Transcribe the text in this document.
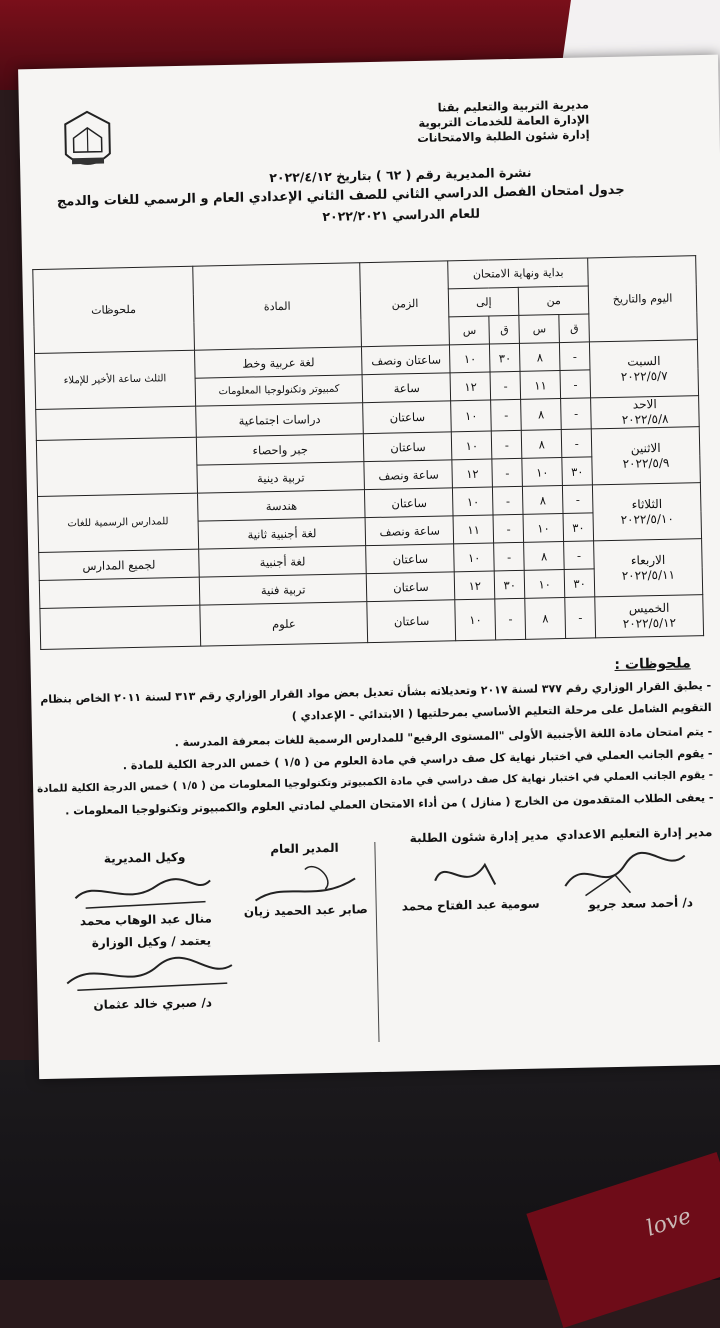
love
مديرية التربية والتعليم بقنا
الإدارة العامة للخدمات التربوية
إدارة شئون الطلبة والامتحانات
نشرة المديرية رقم ( ٦٢ ) بتاريخ ٢٠٢٢/٤/١٢
جدول امتحان الفصل الدراسي الثاني للصف الثاني الإعدادي العام و الرسمي للغات والدمج
للعام الدراسي ٢٠٢٢/٢٠٢١
اليوم والتاريخ	بداية ونهاية الامتحان				الزمن	المادة	ملحوظات
	من		إلى				
	ق	س	ق	س			

السبت
٢٠٢٢/٥/٧	-	٨	٣٠	١٠	ساعتان ونصف	لغة عربية وخط	الثلث ساعة الأخير للإملاء
	-	١١	-	١٢	ساعة	كمبيوتر وتكنولوجيا المعلومات	

الاحد
٢٠٢٢/٥/٨	-	٨	-	١٠	ساعتان	دراسات اجتماعية	

الاثنين
٢٠٢٢/٥/٩	-	٨	-	١٠	ساعتان	جبر واحصاء	
	٣٠	١٠	-	١٢	ساعة ونصف	تربية دينية	

الثلاثاء
٢٠٢٢/٥/١٠	-	٨	-	١٠	ساعتان	هندسة	للمدارس الرسمية للغات
	٣٠	١٠	-	١١	ساعة ونصف	لغة أجنبية ثانية	

الاربعاء
٢٠٢٢/٥/١١	-	٨	-	١٠	ساعتان	لغة أجنبية	لجميع المدارس
	٣٠	١٠	٣٠	١٢	ساعتان	تربية فنية	

الخميس
٢٠٢٢/٥/١٢	-	٨	-	١٠	ساعتان	علوم	
ملحوظات :
- يطبق القرار الوزاري رقم ٣٧٧ لسنة ٢٠١٧ وتعديلاته بشأن تعديل بعض مواد القرار الوزاري رقم ٣١٣ لسنة ٢٠١١ الخاص بنظام
التقويم الشامل على مرحلة التعليم الأساسي بمرحلتيها ( الابتدائي - الإعدادي )
- يتم امتحان مادة اللغة الأجنبية الأولى "المستوى الرفيع" للمدارس الرسمية للغات بمعرفة المدرسة .
- يقوم الجانب العملي في اختبار نهاية كل صف دراسي في مادة العلوم من ( ١/٥ ) خمس الدرجة الكلية للمادة .
- يقوم الجانب العملي في اختبار نهاية كل صف دراسي في مادة الكمبيوتر وتكنولوجيا المعلومات من ( ١/٥ ) خمس الدرجة الكلية للمادة .
- يعفى الطلاب المتقدمون من الخارج ( منازل ) من أداء الامتحان العملي لمادتي العلوم والكمبيوتر وتكنولوجيا المعلومات .
مدير إدارة التعليم الاعدادي
مدير إدارة شئون الطلبة
المدير العام
وكيل المديرية
د/ أحمد سعد جريو
سومية عبد الفتاح محمد
صابر عبد الحميد زيان
منال عبد الوهاب محمد
يعتمد / وكيل الوزارة
د/ صبري خالد عثمان
